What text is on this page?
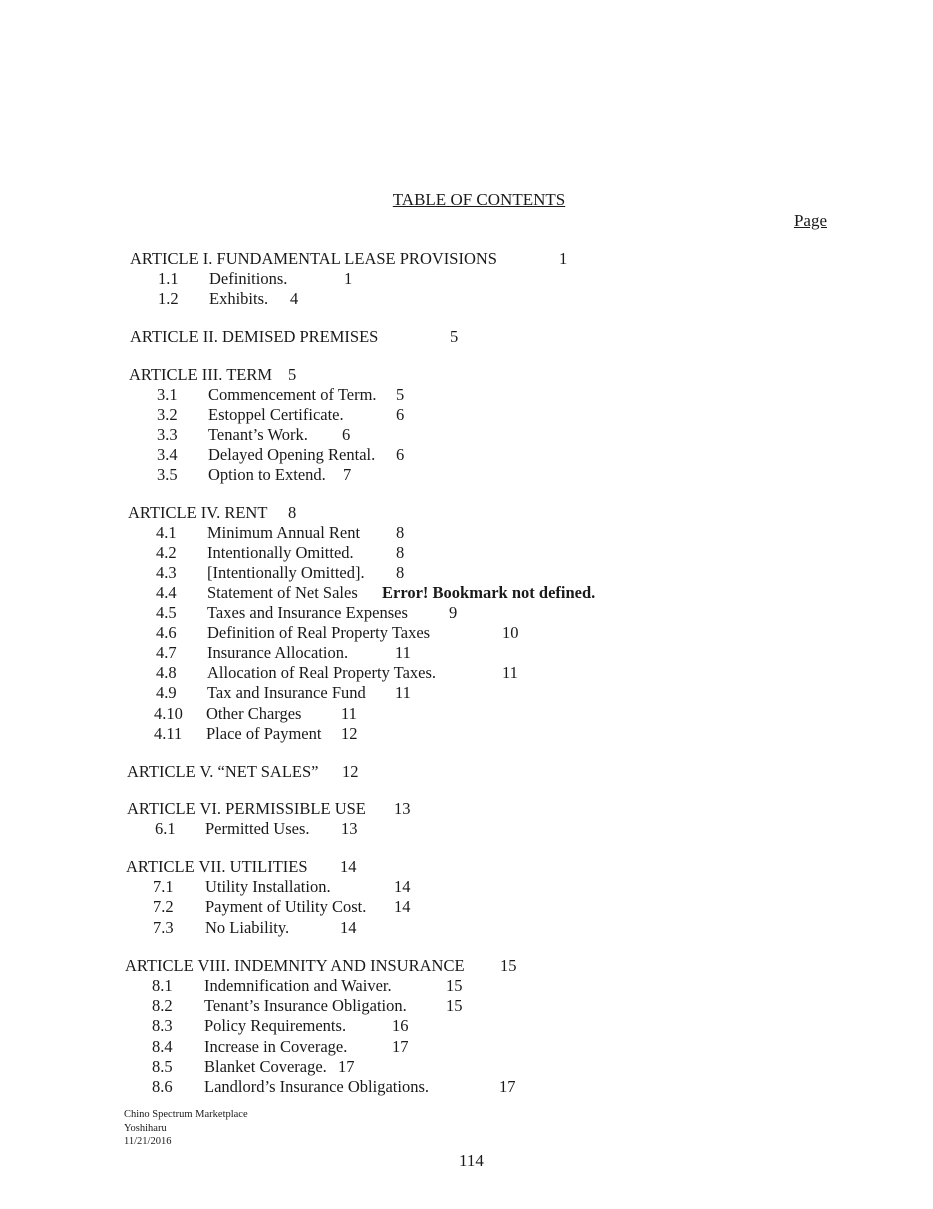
TABLE OF CONTENTS
Page
ARTICLE I. FUNDAMENTAL LEASE PROVISIONS	1
1.1 Definitions.	1
1.2 Exhibits. 4
ARTICLE II. DEMISED PREMISES	5
ARTICLE III. TERM 5
3.1 Commencement of Term. 5
3.2 Estoppel Certificate.	6
3.3 Tenant’s Work. 6
3.4 Delayed Opening Rental. 6
3.5 Option to Extend. 7
ARTICLE IV. RENT 8
4.1 Minimum Annual Rent 8
4.2 Intentionally Omitted.	8
4.3 [Intentionally Omitted]. 8
4.4 Statement of Net Sales Error! Bookmark not defined.
4.5 Taxes and Insurance Expenses 9
4.6 Definition of Real Property Taxes	10
4.7 Insurance Allocation.	11
4.8 Allocation of Real Property Taxes.	11
4.9 Tax and Insurance Fund 11
4.10 Other Charges 11
4.11 Place of Payment 12
ARTICLE V. “NET SALES” 12
ARTICLE VI. PERMISSIBLE USE 13
6.1 Permitted Uses. 13
ARTICLE VII. UTILITIES 14
7.1 Utility Installation.	14
7.2 Payment of Utility Cost. 14
7.3 No Liability.	14
ARTICLE VIII. INDEMNITY AND INSURANCE 15
8.1 Indemnification and Waiver.	15
8.2 Tenant’s Insurance Obligation. 15
8.3 Policy Requirements.	16
8.4 Increase in Coverage.	17
8.5 Blanket Coverage. 17
8.6 Landlord’s Insurance Obligations.	17
Chino Spectrum Marketplace
Yoshiharu
11/21/2016
114
